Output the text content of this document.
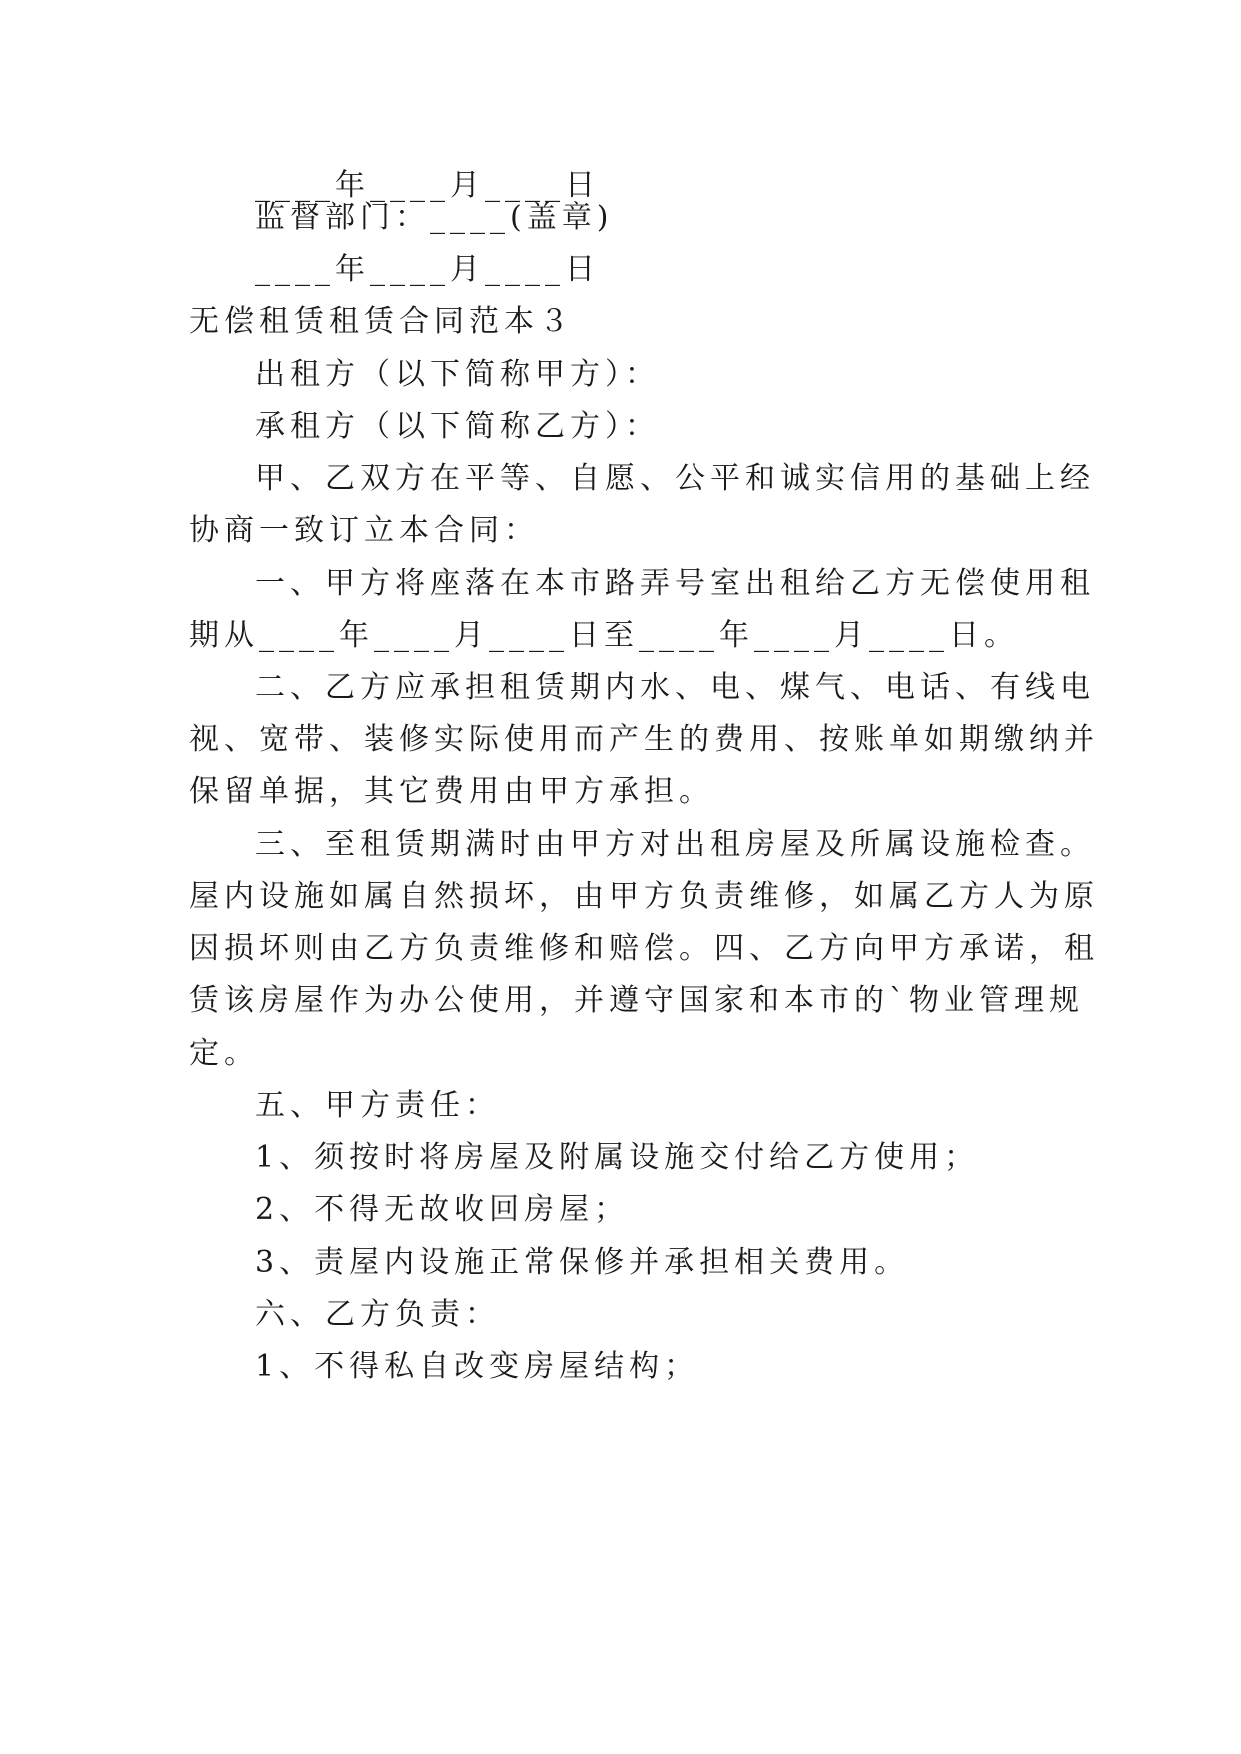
____年____月____日
监督部门：____(盖章)
____年____月____日
无偿租赁租赁合同范本３
出租方（以下简称甲方）：
承租方（以下简称乙方）：
甲、乙双方在平等、自愿、公平和诚实信用的基础上经
协商一致订立本合同：
一、甲方将座落在本市路弄号室出租给乙方无偿使用租
期从____年____月____日至____年____月____日。
二、乙方应承担租赁期内水、电、煤气、电话、有线电
视、宽带、装修实际使用而产生的费用、按账单如期缴纳并
保留单据，其它费用由甲方承担。
三、至租赁期满时由甲方对出租房屋及所属设施检查。
屋内设施如属自然损坏，由甲方负责维修，如属乙方人为原
因损坏则由乙方负责维修和赔偿。四、乙方向甲方承诺，租
赁该房屋作为办公使用，并遵守国家和本市的`物业管理规
定。
五、甲方责任：
1、须按时将房屋及附属设施交付给乙方使用；
2、不得无故收回房屋；
3、责屋内设施正常保修并承担相关费用。
六、乙方负责：
1、不得私自改变房屋结构；
